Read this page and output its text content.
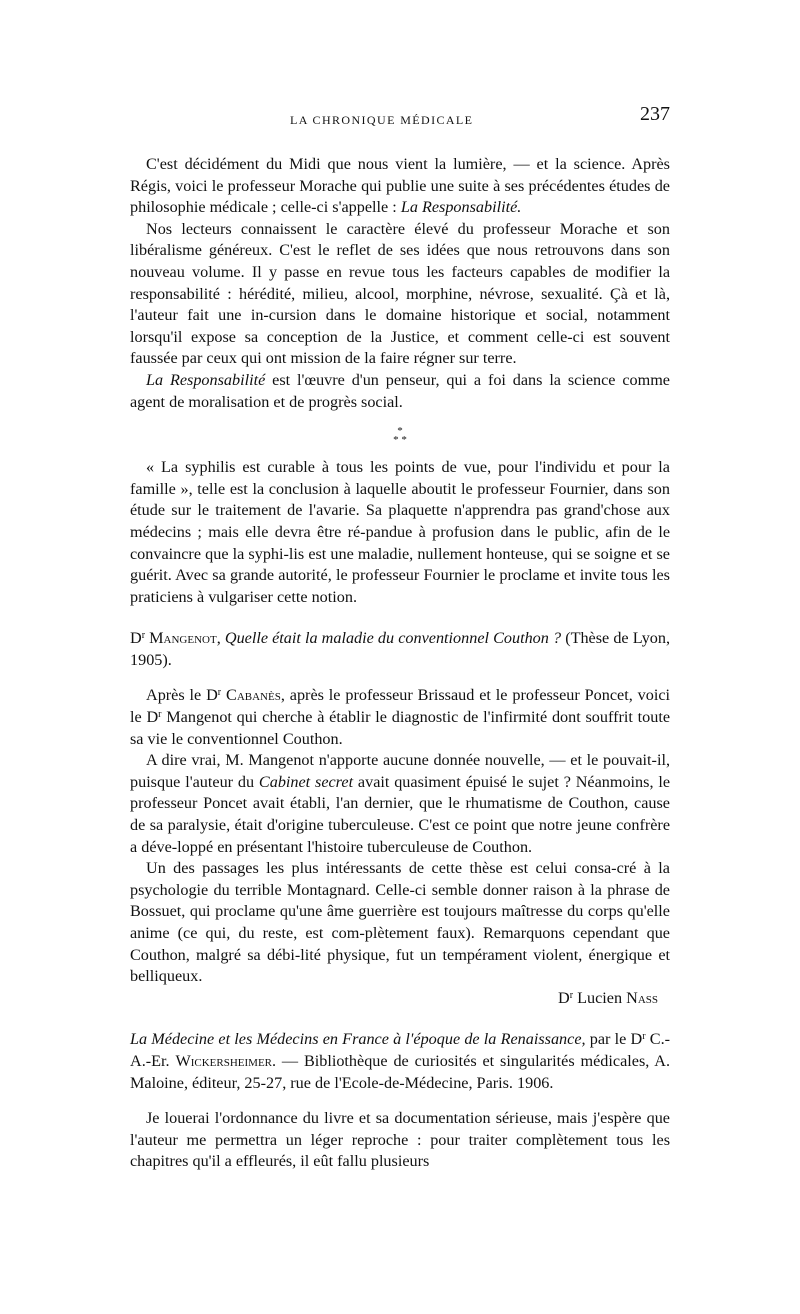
LA CHRONIQUE MÉDICALE	237

C'est décidément du Midi que nous vient la lumière, — et la science. Après Régis, voici le professeur Morache qui publie une suite à ses précédentes études de philosophie médicale ; celle-ci s'appelle : La Responsabilité.

Nos lecteurs connaissent le caractère élevé du professeur Morache et son libéralisme généreux. C'est le reflet de ses idées que nous retrouvons dans son nouveau volume. Il y passe en revue tous les facteurs capables de modifier la responsabilité : hérédité, milieu, alcool, morphine, névrose, sexualité. Çà et là, l'auteur fait une in-cursion dans le domaine historique et social, notamment lorsqu'il expose sa conception de la Justice, et comment celle-ci est souvent faussée par ceux qui ont mission de la faire régner sur terre.

La Responsabilité est l'œuvre d'un penseur, qui a foi dans la science comme agent de moralisation et de progrès social.

*
* *

« La syphilis est curable à tous les points de vue, pour l'individu et pour la famille », telle est la conclusion à laquelle aboutit le professeur Fournier, dans son étude sur le traitement de l'avarie. Sa plaquette n'apprendra pas grand'chose aux médecins ; mais elle devra être ré-pandue à profusion dans le public, afin de le convaincre que la syphi-lis est une maladie, nullement honteuse, qui se soigne et se guérit. Avec sa grande autorité, le professeur Fournier le proclame et invite tous les praticiens à vulgariser cette notion.

$D^r$ Mangenot, Quelle était la maladie du conventionnel Couthon ? (Thèse de Lyon, 1905).

Après le $D^r$ Cabanès, après le professeur Brissaud et le professeur Poncet, voici le $D^r$ Mangenot qui cherche à établir le diagnostic de l'infirmité dont souffrit toute sa vie le conventionnel Couthon.

A dire vrai, M. Mangenot n'apporte aucune donnée nouvelle, — et le pouvait-il, puisque l'auteur du Cabinet secret avait quasiment épuisé le sujet ? Néanmoins, le professeur Poncet avait établi, l'an dernier, que le rhumatisme de Couthon, cause de sa paralysie, était d'origine tuberculeuse. C'est ce point que notre jeune confrère a déve-loppé en présentant l'histoire tuberculeuse de Couthon.

Un des passages les plus intéressants de cette thèse est celui consa-cré à la psychologie du terrible Montagnard. Celle-ci semble donner raison à la phrase de Bossuet, qui proclame qu'une âme guerrière est toujours maîtresse du corps qu'elle anime (ce qui, du reste, est com-plètement faux). Remarquons cependant que Couthon, malgré sa débi-lité physique, fut un tempérament violent, énergique et belliqueux.

$D^r$ Lucien Nass

La Médecine et les Médecins en France à l'époque de la Renaissance, par le $D^r$ C.-A.-Er. Wickersheimer. — Bibliothèque de curiosités et singularités médicales, A. Maloine, éditeur, 25-27, rue de l'Ecole-de-Médecine, Paris. 1906.

Je louerai l'ordonnance du livre et sa documentation sérieuse, mais j'espère que l'auteur me permettra un léger reproche : pour traiter complètement tous les chapitres qu'il a effleurés, il eût fallu plusieurs
